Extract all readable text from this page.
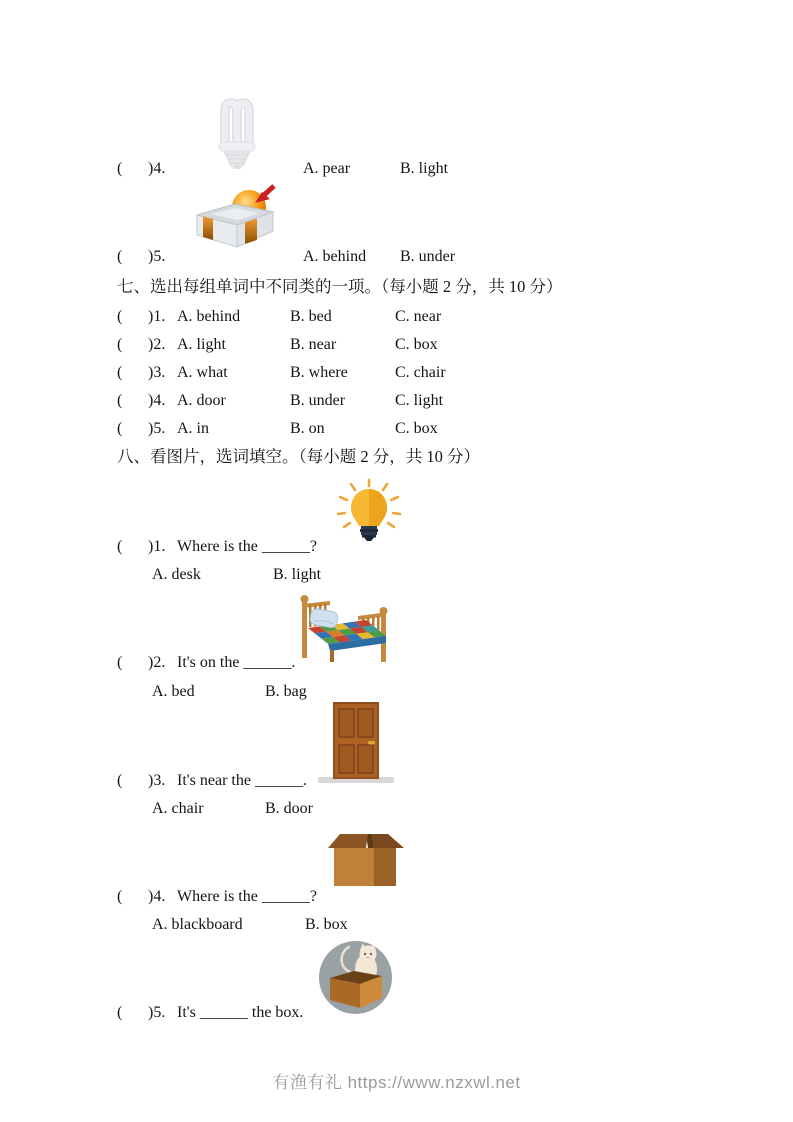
( )4.	A. pear	B. light
( )5.	A. behind B. under
七、选出每组单词中不同类的一项。（每小题 2 分，共 10 分）
( )1. A. behind	B. bed	C. near
( )2. A. light	B. near	C. box
( )3. A. what	B. where	C. chair
( )4. A. door	B. under	C. light
( )5. A. in	B. on	C. box
八、看图片，选词填空。（每小题 2 分，共 10 分）
( )1. Where is the ______?
A. desk	B. light
( )2. It's on the ______.
A. bed	B. bag
( )3. It's near the ______.
A. chair	B. door
( )4. Where is the ______?
A. blackboard	B. box
( )5. It's ______ the box.
有渔有礼 https://www.nzxwl.net
